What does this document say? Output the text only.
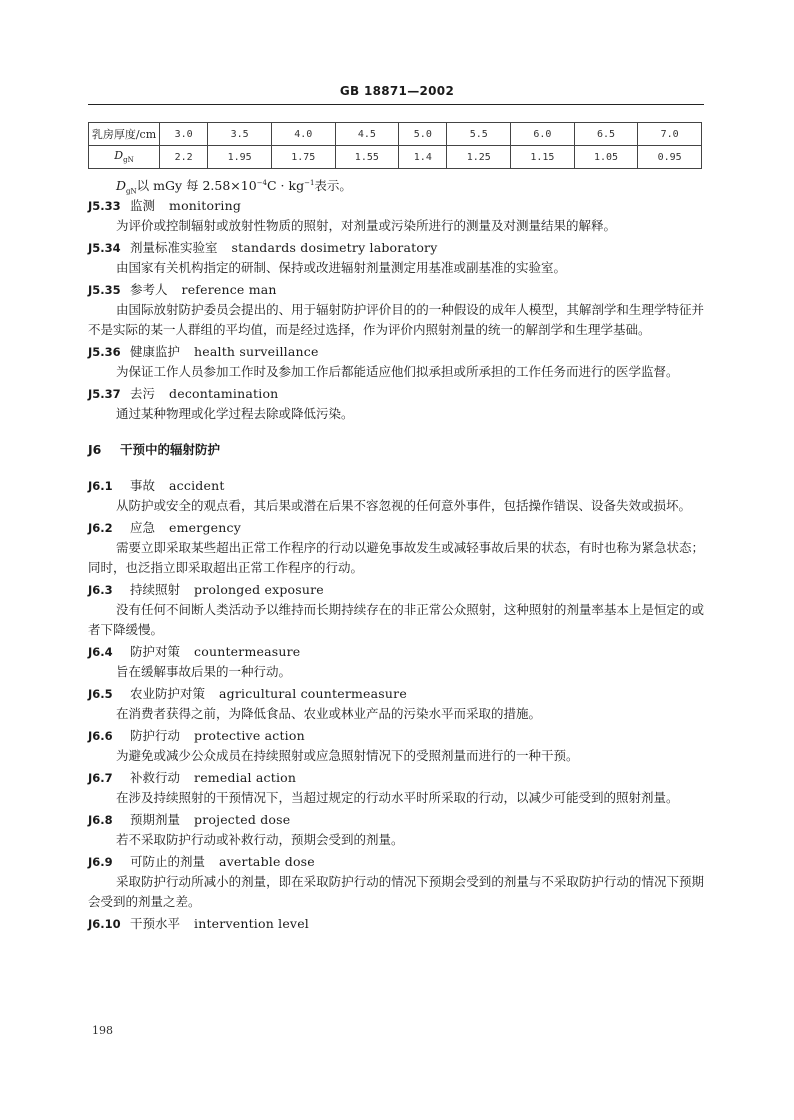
GB 18871—2002
乳房厚度/cm	3.0	3.5	4.0	4.5	5.0	5.5	6.0	6.5	7.0
$D_{gN}$	2.2	1.95	1.75	1.55	1.4	1.25	1.15	1.05	0.95
$D_{gN}$以 mGy 每 $2.58\times 10^{-4}C \cdot kg^{-1}$表示。
J5.33 监测 monitoring

为评价或控制辐射或放射性物质的照射，对剂量或污染所进行的测量及对测量结果的解释。

J5.34 剂量标准实验室 standards dosimetry laboratory

由国家有关机构指定的研制、保持或改进辐射剂量测定用基准或副基准的实验室。

J5.35 参考人 reference man

由国际放射防护委员会提出的、用于辐射防护评价目的的一种假设的成年人模型，其解剖学和生理学特征并不是实际的某一人群组的平均值，而是经过选择，作为评价内照射剂量的统一的解剖学和生理学基础。

J5.36 健康监护 health surveillance

为保证工作人员参加工作时及参加工作后都能适应他们拟承担或所承担的工作任务而进行的医学监督。

J5.37 去污 decontamination

通过某种物理或化学过程去除或降低污染。

J6 干预中的辐射防护
J6.1 事故 accident

从防护或安全的观点看，其后果或潜在后果不容忽视的任何意外事件，包括操作错误、设备失效或损坏。

J6.2 应急 emergency

需要立即采取某些超出正常工作程序的行动以避免事故发生或减轻事故后果的状态，有时也称为紧急状态；同时，也泛指立即采取超出正常工作程序的行动。

J6.3 持续照射 prolonged exposure

没有任何不间断人类活动予以维持而长期持续存在的非正常公众照射，这种照射的剂量率基本上是恒定的或者下降缓慢。

J6.4 防护对策 countermeasure

旨在缓解事故后果的一种行动。

J6.5 农业防护对策 agricultural countermeasure

在消费者获得之前，为降低食品、农业或林业产品的污染水平而采取的措施。

J6.6 防护行动 protective action

为避免或减少公众成员在持续照射或应急照射情况下的受照剂量而进行的一种干预。

J6.7 补救行动 remedial action

在涉及持续照射的干预情况下，当超过规定的行动水平时所采取的行动，以减少可能受到的照射剂量。

J6.8 预期剂量 projected dose

若不采取防护行动或补救行动，预期会受到的剂量。

J6.9 可防止的剂量 avertable dose

采取防护行动所减小的剂量，即在采取防护行动的情况下预期会受到的剂量与不采取防护行动的情况下预期会受到的剂量之差。

J6.10 干预水平 intervention level
198
